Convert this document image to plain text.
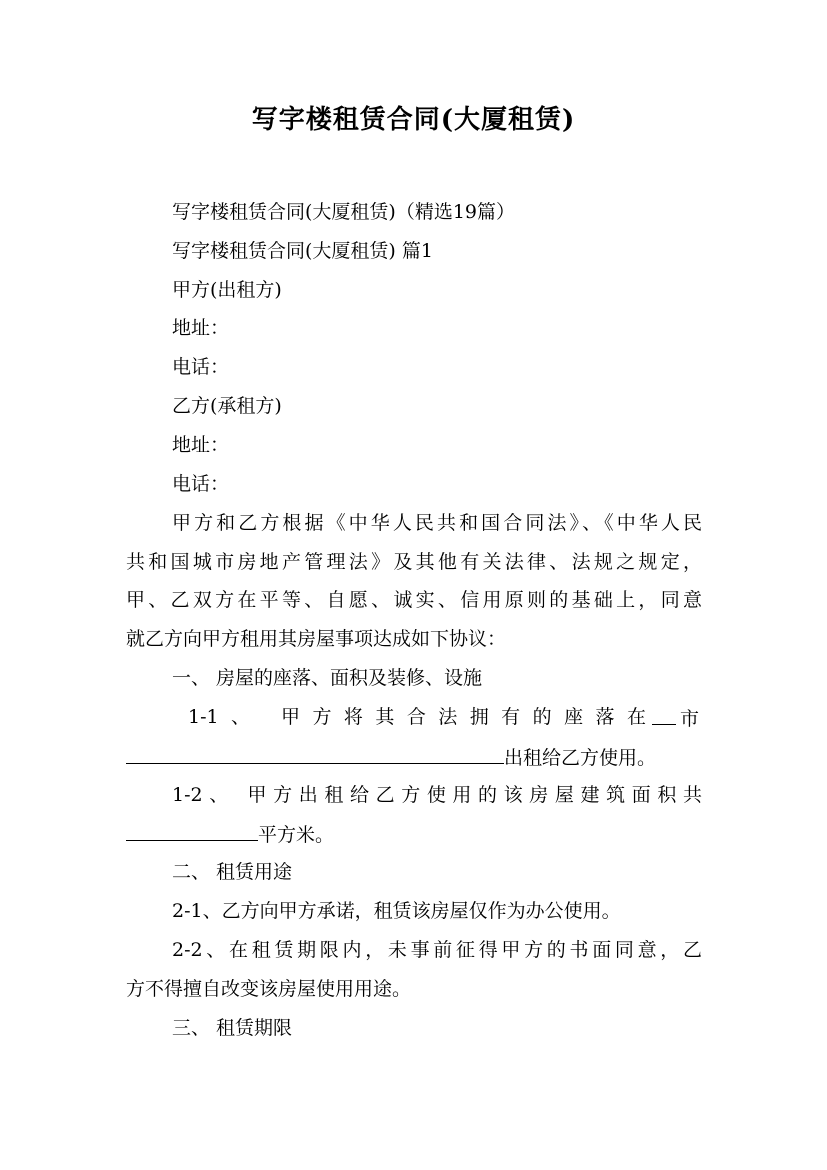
写字楼租赁合同(大厦租赁)
写字楼租赁合同(大厦租赁)（精选19篇）
写字楼租赁合同(大厦租赁) 篇1
甲方(出租方)
地址：
电话：
乙方(承租方)
地址：
电话：
甲方和乙方根据《中华人民共和国合同法》、《中华人民
共和国城市房地产管理法》及其他有关法律、法规之规定，
甲、乙双方在平等、自愿、诚实、信用原则的基础上，同意
就乙方向甲方租用其房屋事项达成如下协议：
一、 房屋的座落、面积及装修、设施
1-1、 甲方将其合法拥有的座落在 市
出租给乙方使用。
1-2、 甲方出租给乙方使用的该房屋建筑面积共
平方米。
二、 租赁用途
2-1、乙方向甲方承诺，租赁该房屋仅作为办公使用。
2-2、在租赁期限内，未事前征得甲方的书面同意，乙
方不得擅自改变该房屋使用用途。
三、 租赁期限
